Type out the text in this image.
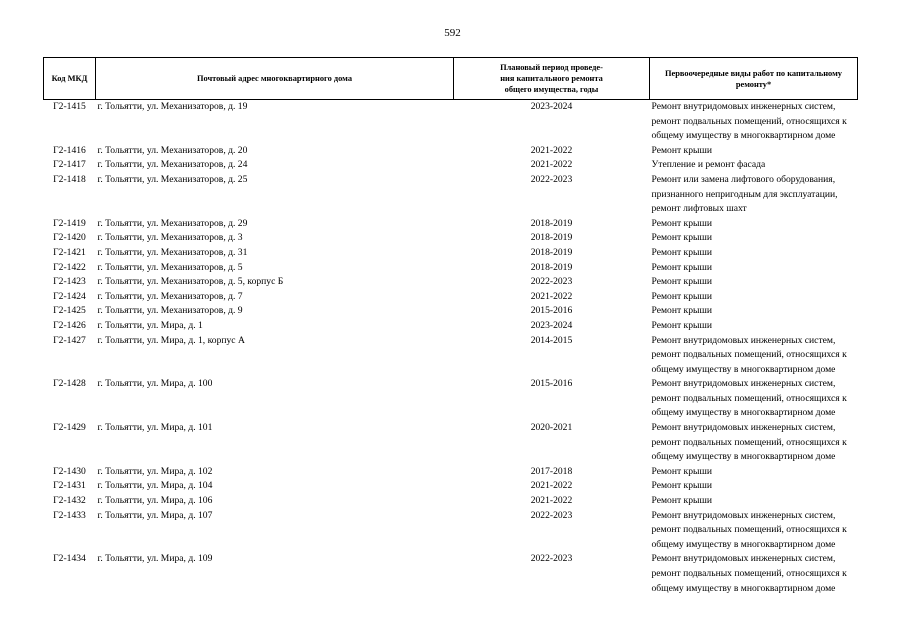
592
Код МКД	Почтовый адрес многоквартирного дома	Плановый период проведе-
ния капитального ремонта
общего имущества, годы	Первоочередные виды работ по капитальному
ремонту*

Г2-1415	г. Тольятти, ул. Механизаторов, д. 19	2023-2024	Ремонт внутридомовых инженерных систем,
ремонт подвальных помещений, относящихся к
общему имуществу в многоквартирном доме

Г2-1416	г. Тольятти, ул. Механизаторов, д. 20	2021-2022	Ремонт крыши

Г2-1417	г. Тольятти, ул. Механизаторов, д. 24	2021-2022	Утепление и ремонт фасада

Г2-1418	г. Тольятти, ул. Механизаторов, д. 25	2022-2023	Ремонт или замена лифтового оборудования,
признанного непригодным для эксплуатации,
ремонт лифтовых шахт

Г2-1419	г. Тольятти, ул. Механизаторов, д. 29	2018-2019	Ремонт крыши

Г2-1420	г. Тольятти, ул. Механизаторов, д. 3	2018-2019	Ремонт крыши

Г2-1421	г. Тольятти, ул. Механизаторов, д. 31	2018-2019	Ремонт крыши

Г2-1422	г. Тольятти, ул. Механизаторов, д. 5	2018-2019	Ремонт крыши

Г2-1423	г. Тольятти, ул. Механизаторов, д. 5, корпус Б	2022-2023	Ремонт крыши

Г2-1424	г. Тольятти, ул. Механизаторов, д. 7	2021-2022	Ремонт крыши

Г2-1425	г. Тольятти, ул. Механизаторов, д. 9	2015-2016	Ремонт крыши

Г2-1426	г. Тольятти, ул. Мира, д. 1	2023-2024	Ремонт крыши

Г2-1427	г. Тольятти, ул. Мира, д. 1, корпус А	2014-2015	Ремонт внутридомовых инженерных систем,
ремонт подвальных помещений, относящихся к
общему имуществу в многоквартирном доме

Г2-1428	г. Тольятти, ул. Мира, д. 100	2015-2016	Ремонт внутридомовых инженерных систем,
ремонт подвальных помещений, относящихся к
общему имуществу в многоквартирном доме

Г2-1429	г. Тольятти, ул. Мира, д. 101	2020-2021	Ремонт внутридомовых инженерных систем,
ремонт подвальных помещений, относящихся к
общему имуществу в многоквартирном доме

Г2-1430	г. Тольятти, ул. Мира, д. 102	2017-2018	Ремонт крыши

Г2-1431	г. Тольятти, ул. Мира, д. 104	2021-2022	Ремонт крыши

Г2-1432	г. Тольятти, ул. Мира, д. 106	2021-2022	Ремонт крыши

Г2-1433	г. Тольятти, ул. Мира, д. 107	2022-2023	Ремонт внутридомовых инженерных систем,
ремонт подвальных помещений, относящихся к
общему имуществу в многоквартирном доме

Г2-1434	г. Тольятти, ул. Мира, д. 109	2022-2023	Ремонт внутридомовых инженерных систем,
ремонт подвальных помещений, относящихся к
общему имуществу в многоквартирном доме
